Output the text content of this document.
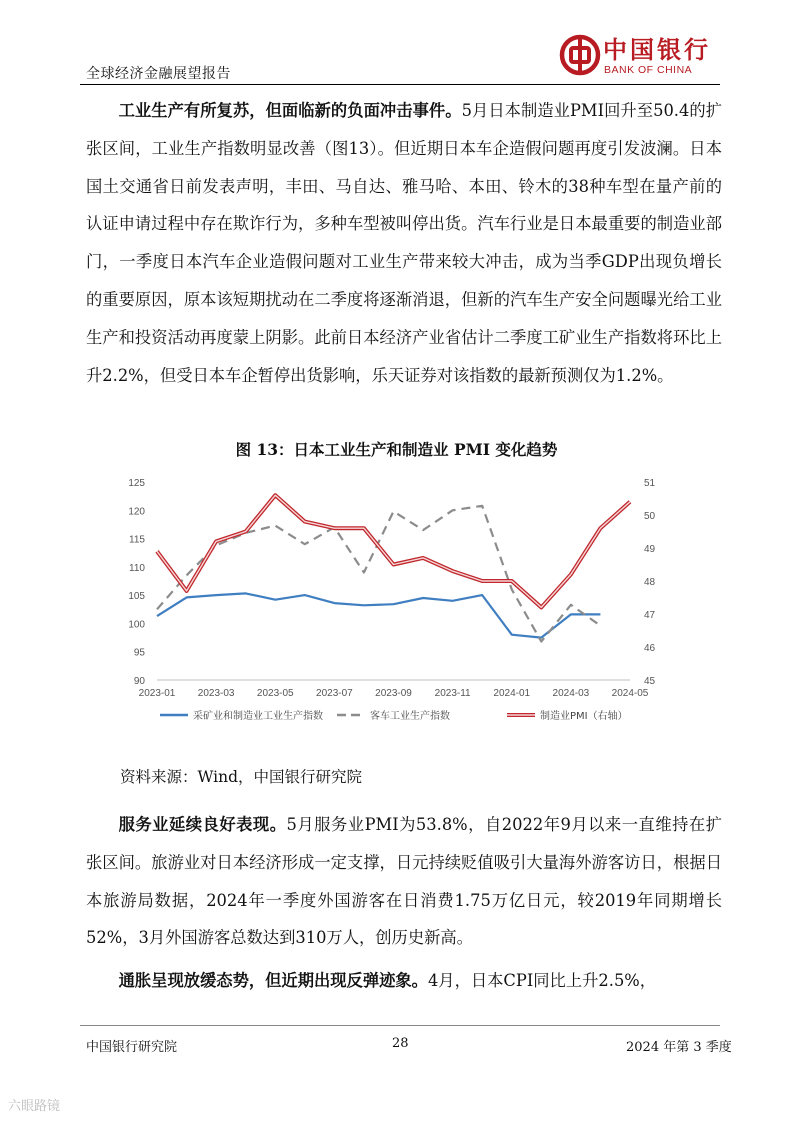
全球经济金融展望报告
中国银行
BANK OF CHINA

工业生产有所复苏，但面临新的负面冲击事件。5月日本制造业PMI回升至50.4的扩张区间，工业生产指数明显改善（图13）。但近期日本车企造假问题再度引发波澜。日本国土交通省日前发表声明，丰田、马自达、雅马哈、本田、铃木的38种车型在量产前的认证申请过程中存在欺诈行为，多种车型被叫停出货。汽车行业是日本最重要的制造业部门，一季度日本汽车企业造假问题对工业生产带来较大冲击，成为当季GDP出现负增长的重要原因，原本该短期扰动在二季度将逐渐消退，但新的汽车生产安全问题曝光给工业生产和投资活动再度蒙上阴影。此前日本经济产业省估计二季度工矿业生产指数将环比上升2.2%，但受日本车企暂停出货影响，乐天证券对该指数的最新预测仅为1.2%。

图 13：日本工业生产和制造业 PMI 变化趋势
90
95
100
105
110
115
120
125
45
46
47
48
49
50
51
2023-01 2023-03 2023-05 2023-07 2023-09 2023-11 2024-01 2024-03 2024-05
采矿业和制造业工业生产指数	客车工业生产指数	制造业PMI（右轴）
资料来源：Wind，中国银行研究院

服务业延续良好表现。5月服务业PMI为53.8%，自2022年9月以来一直维持在扩张区间。旅游业对日本经济形成一定支撑，日元持续贬值吸引大量海外游客访日，根据日本旅游局数据，2024年一季度外国游客在日消费1.75万亿日元，较2019年同期增长52%，3月外国游客总数达到310万人，创历史新高。

通胀呈现放缓态势，但近期出现反弹迹象。4月，日本CPI同比上升2.5%，

中国银行研究院	28	2024 年第 3 季度
六眼路镜
